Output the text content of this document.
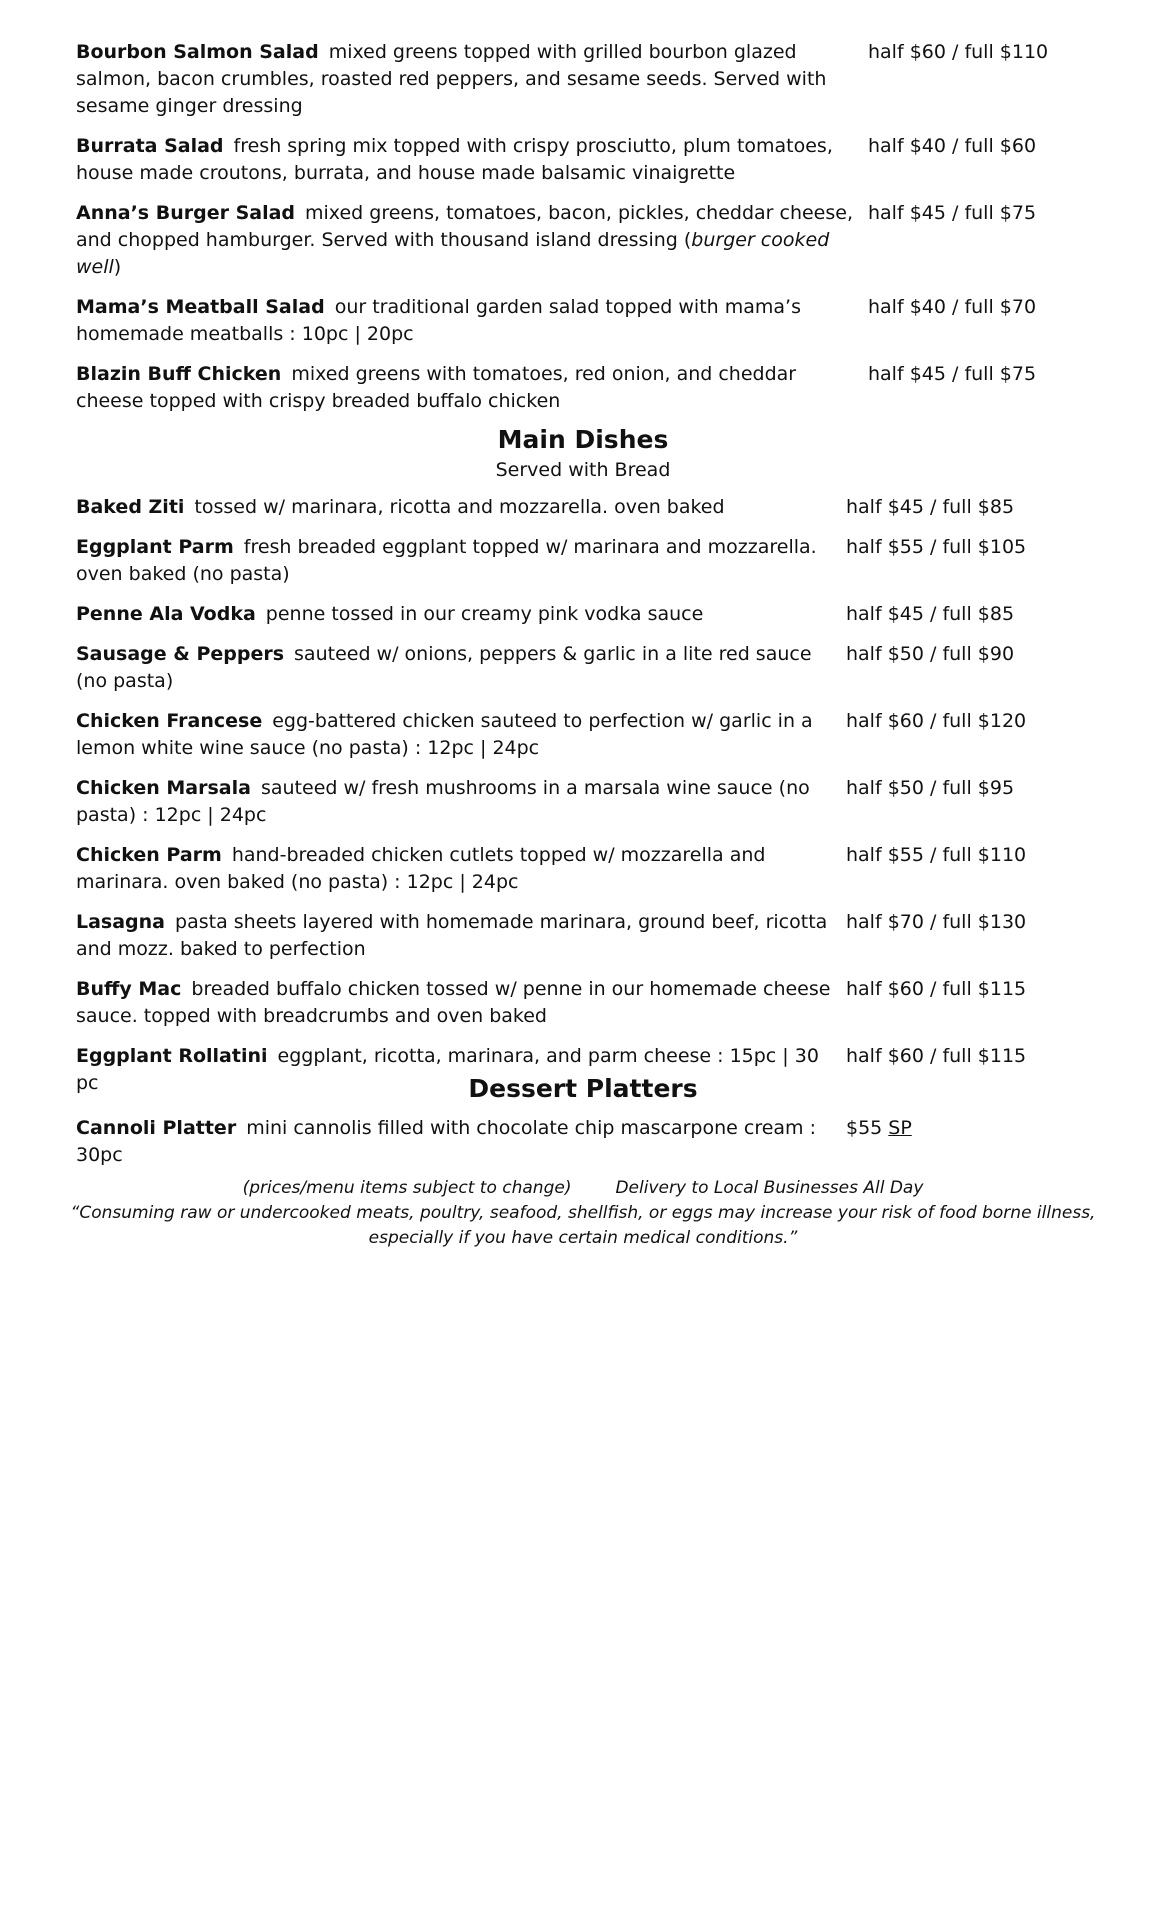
Bourbon Salmon Salad mixed greens topped with grilled bourbon glazed salmon, bacon crumbles, roasted red peppers, and sesame seeds. Served with sesame ginger dressing
half $60 / full $110
Burrata Salad fresh spring mix topped with crispy prosciutto, plum tomatoes, house made croutons, burrata, and house made balsamic vinaigrette
half $40 / full $60
Anna’s Burger Salad mixed greens, tomatoes, bacon, pickles, cheddar cheese, and chopped hamburger. Served with thousand island dressing (burger cooked well)
half $45 / full $75
Mama’s Meatball Salad our traditional garden salad topped with mama’s homemade meatballs : 10pc | 20pc
half $40 / full $70
Blazin Buff Chicken mixed greens with tomatoes, red onion, and cheddar cheese topped with crispy breaded buffalo chicken
half $45 / full $75
Main Dishes
Served with Bread
Baked Ziti tossed w/ marinara, ricotta and mozzarella. oven baked	half $45 / full $85
Eggplant Parm fresh breaded eggplant topped w/ marinara and mozzarella. oven baked (no pasta)
half $55 / full $105
Penne Ala Vodka penne tossed in our creamy pink vodka sauce	half $45 / full $85
Sausage & Peppers sauteed w/ onions, peppers & garlic in a lite red sauce (no pasta)
half $50 / full $90
Chicken Francese egg-battered chicken sauteed to perfection w/ garlic in a lemon white wine sauce (no pasta) : 12pc | 24pc
half $60 / full $120
Chicken Marsala sauteed w/ fresh mushrooms in a marsala wine sauce (no pasta) : 12pc | 24pc
half $50 / full $95
Chicken Parm hand-breaded chicken cutlets topped w/ mozzarella and marinara. oven baked (no pasta) : 12pc | 24pc
half $55 / full $110
Lasagna pasta sheets layered with homemade marinara, ground beef, ricotta and mozz. baked to perfection
half $70 / full $130
Buffy Mac breaded buffalo chicken tossed w/ penne in our homemade cheese sauce. topped with breadcrumbs and oven baked
half $60 / full $115
Eggplant Rollatini eggplant, ricotta, marinara, and parm cheese : 15pc | 30 pc
half $60 / full $115
Dessert Platters
Cannoli Platter mini cannolis filled with chocolate chip mascarpone cream : 30pc
$55 SP
(prices/menu items subject to change)	Delivery to Local Businesses All Day
“Consuming raw or undercooked meats, poultry, seafood, shellfish, or eggs may increase your risk of food borne illness, especially if you have certain medical conditions.”
